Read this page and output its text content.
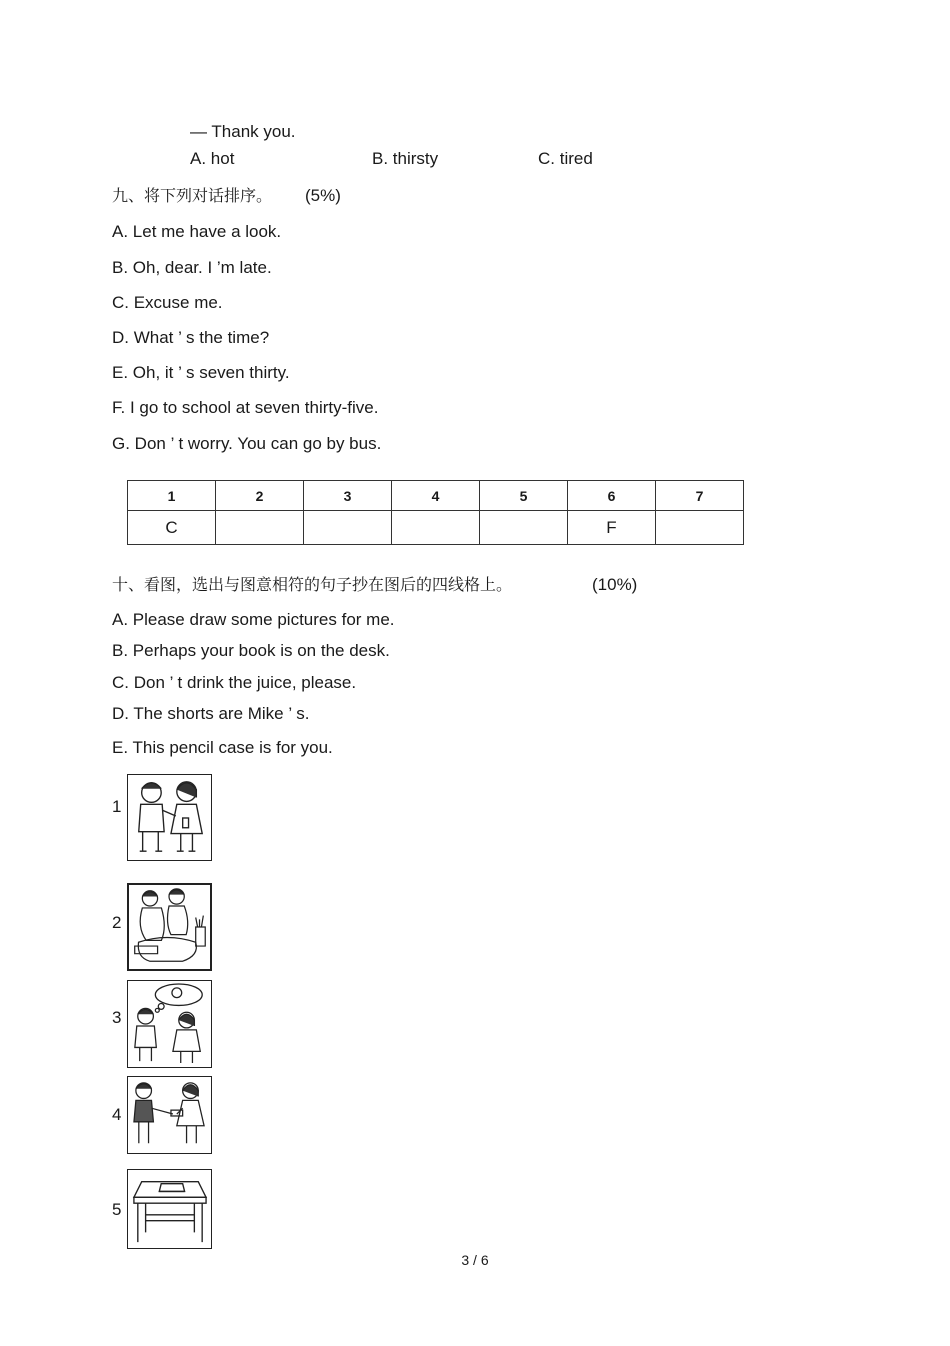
— Thank you.
A. hot	B. thirsty	C. tired
九、将下列对话排序。 (5%)
A. Let me have a look.
B. Oh, dear. I ’m late.
C. Excuse me.
D. What ’ s the time?
E. Oh, it ’ s seven thirty.
F. I go to school at seven thirty-five.
G. Don ’ t worry. You can go by bus.
1	2	3	4	5	6	7
C					F	
十、看图，选出与图意相符的句子抄在图后的四线格上。	(10%)
A. Please draw some pictures for me.
B. Perhaps your book is on the desk.
C. Don ’ t drink the juice, please.
D. The shorts are Mike ’ s.
E. This pencil case is for you.
1
2
3
4
5
3 / 6
